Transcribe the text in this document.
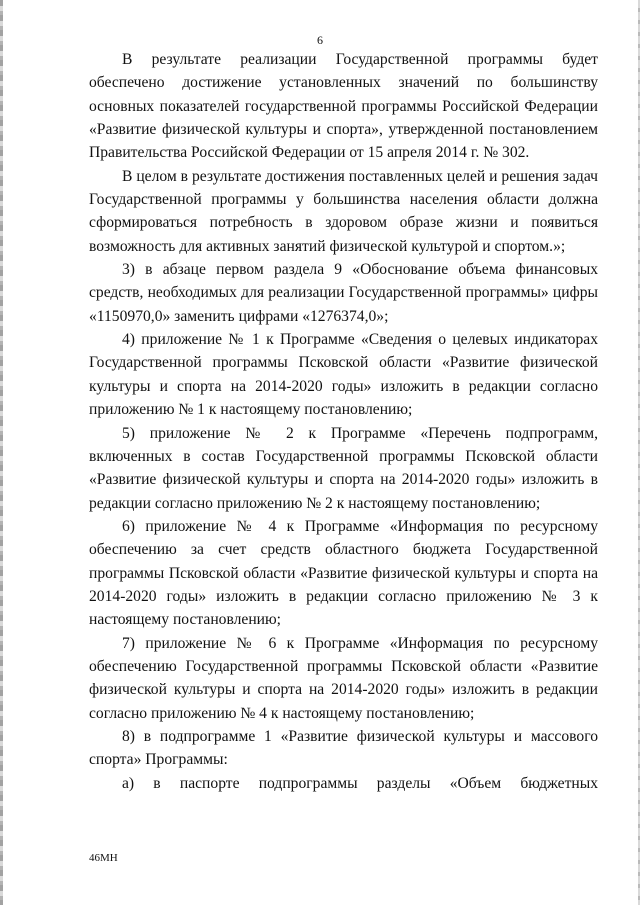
6

В результате реализации Государственной программы будет обеспечено достижение установленных значений по большинству основных показателей государственной программы Российской Федерации «Развитие физической культуры и спорта», утвержденной постановлением Правительства Российской Федерации от 15 апреля 2014 г. № 302.

В целом в результате достижения поставленных целей и решения задач Государственной программы у большинства населения области должна сформироваться потребность в здоровом образе жизни и появиться возможность для активных занятий физической культурой и спортом.»;

3) в абзаце первом раздела 9 «Обоснование объема финансовых средств, необходимых для реализации Государственной программы» цифры «1150970,0» заменить цифрами «1276374,0»;

4) приложение № 1 к Программе «Сведения о целевых индикаторах Государственной программы Псковской области «Развитие физической культуры и спорта на 2014-2020 годы» изложить в редакции согласно приложению № 1 к настоящему постановлению;

5) приложение № 2 к Программе «Перечень подпрограмм, включенных в состав Государственной программы Псковской области «Развитие физической культуры и спорта на 2014-2020 годы» изложить в редакции согласно приложению № 2 к настоящему постановлению;

6) приложение № 4 к Программе «Информация по ресурсному обеспечению за счет средств областного бюджета Государственной программы Псковской области «Развитие физической культуры и спорта на 2014-2020 годы» изложить в редакции согласно приложению № 3 к настоящему постановлению;

7) приложение № 6 к Программе «Информация по ресурсному обеспечению Государственной программы Псковской области «Развитие физической культуры и спорта на 2014-2020 годы» изложить в редакции согласно приложению № 4 к настоящему постановлению;

8) в подпрограмме 1 «Развитие физической культуры и массового спорта» Программы:

а) в паспорте подпрограммы разделы «Объем бюджетных

46МН
